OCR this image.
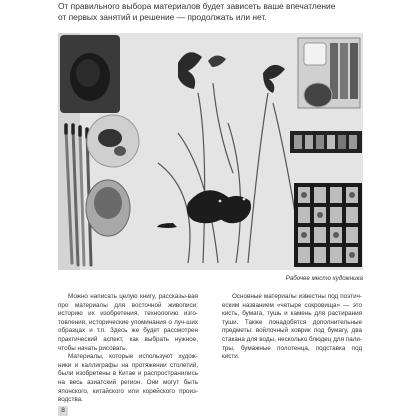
От правильного выбора материалов будет зависеть ваше впечатление
от первых занятий и решение — продолжать или нет.
Рабочее место художника

Можно написать целую книгу, рассказы-вая про материалы для восточной живописи: историю их изобретения, технологию изго-товления, исторические упоминания о луч-ших образцах и т.п. Здесь же будет рассмотрен практический аспект, как выбрать нужное, чтобы начать рисовать.

Материалы, которые используют худож-ники и каллиграфы на протяжении столетий, были изобретены в Китае и распространились на весь азиатский регион. Они могут быть японского, китайского или корейского произ-водства.

Основные материалы известны под поэтич-еским названием «четыре сокровища» — это кисть, бумага, тушь и камень для растирания туши. Также понадобятся дополнительные предметы: войлочный коврик под бумагу, два стакана для воды, несколько блюдец для пали-тры, бумажные полотенца, подставка под кисти.

8
